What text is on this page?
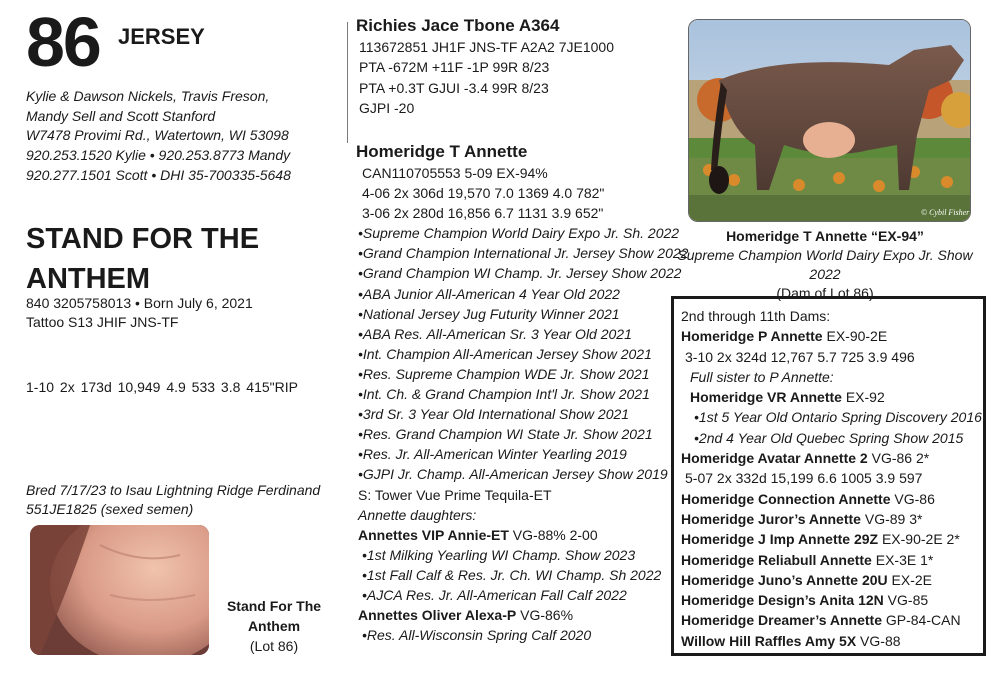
86 JERSEY
Kylie & Dawson Nickels, Travis Freson,
Mandy Sell and Scott Stanford
W7478 Provimi Rd., Watertown, WI 53098
920.253.1520 Kylie • 920.253.8773 Mandy
920.277.1501 Scott • DHI 35-700335-5648
STAND FOR THE
ANTHEM
840 3205758013 • Born July 6, 2021
Tattoo S13 JHIF JNS-TF
1-10 2x 173d 10,949 4.9 533 3.8 415"RIP
Bred 7/17/23 to Isau Lightning Ridge Ferdinand
551JE1825 (sexed semen)
Stand For The
Anthem
(Lot 86)
Richies Jace Tbone A364
113672851 JH1F JNS-TF A2A2 7JE1000
PTA -672M +11F -1P 99R 8/23
PTA +0.3T GJUI -3.4 99R 8/23
GJPI -20
Homeridge T Annette
CAN110705553 5-09 EX-94%
4-06 2x 306d 19,570 7.0 1369 4.0 782"
3-06 2x 280d 16,856 6.7 1131 3.9 652"
•Supreme Champion World Dairy Expo Jr. Sh. 2022
•Grand Champion International Jr. Jersey Show 2022
•Grand Champion WI Champ. Jr. Jersey Show 2022
•ABA Junior All-American 4 Year Old 2022
•National Jersey Jug Futurity Winner 2021
•ABA Res. All-American Sr. 3 Year Old 2021
•Int. Champion All-American Jersey Show 2021
•Res. Supreme Champion WDE Jr. Show 2021
•Int. Ch. & Grand Champion Int'l Jr. Show 2021
•3rd Sr. 3 Year Old International Show 2021
•Res. Grand Champion WI State Jr. Show 2021
•Res. Jr. All-American Winter Yearling 2019
•GJPI Jr. Champ. All-American Jersey Show 2019
S: Tower Vue Prime Tequila-ET
Annette daughters:
Annettes VIP Annie-ET VG-88% 2-00
•1st Milking Yearling WI Champ. Show 2023
•1st Fall Calf & Res. Jr. Ch. WI Champ. Sh 2022
•AJCA Res. Jr. All-American Fall Calf 2022
Annettes Oliver Alexa-P VG-86%
•Res. All-Wisconsin Spring Calf 2020
© Cybil Fisher
Homeridge T Annette “EX-94”
Supreme Champion World Dairy Expo Jr. Show 2022
(Dam of Lot 86)
2nd through 11th Dams:
Homeridge P Annette EX-90-2E
3-10 2x 324d 12,767 5.7 725 3.9 496
Full sister to P Annette:
Homeridge VR Annette EX-92
•1st 5 Year Old Ontario Spring Discovery 2016
•2nd 4 Year Old Quebec Spring Show 2015
Homeridge Avatar Annette 2 VG-86 2*
5-07 2x 332d 15,199 6.6 1005 3.9 597
Homeridge Connection Annette VG-86
Homeridge Juror’s Annette VG-89 3*
Homeridge J Imp Annette 29Z EX-90-2E 2*
Homeridge Reliabull Annette EX-3E 1*
Homeridge Juno’s Annette 20U EX-2E
Homeridge Design’s Anita 12N VG-85
Homeridge Dreamer’s Annette GP-84-CAN
Willow Hill Raffles Amy 5X VG-88
